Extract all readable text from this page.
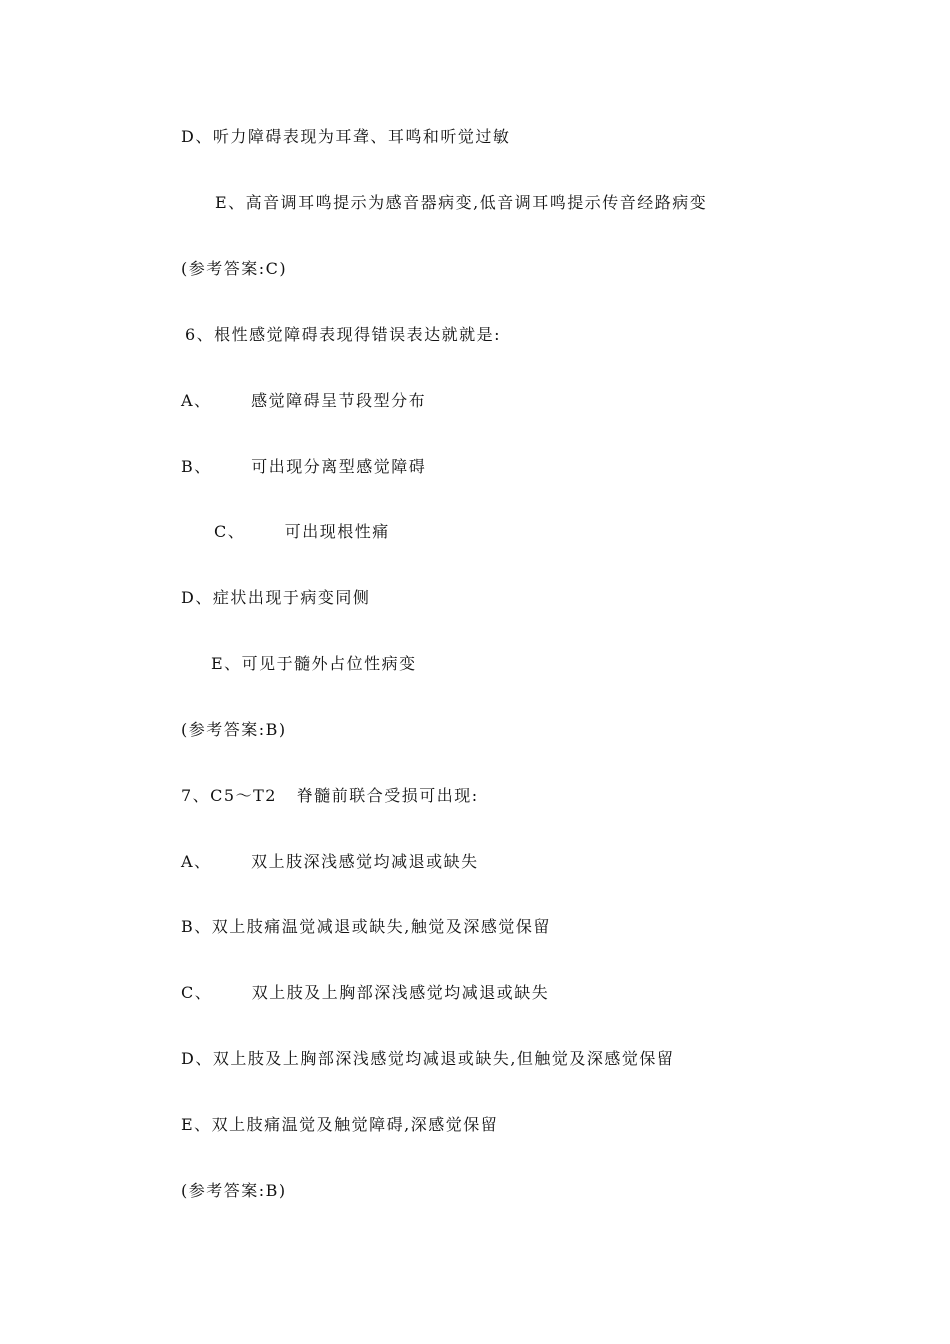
D、听力障碍表现为耳聋、耳鸣和听觉过敏
E、高音调耳鸣提示为感音器病变,低音调耳鸣提示传音经路病变
(参考答案:C)
6、根性感觉障碍表现得错误表达就就是:
A、      感觉障碍呈节段型分布
B、      可出现分离型感觉障碍
C、      可出现根性痛
D、症状出现于病变同侧
E、可见于髓外占位性病变
(参考答案:B)
7、C5～T2   脊髓前联合受损可出现:
A、      双上肢深浅感觉均减退或缺失
B、双上肢痛温觉减退或缺失,触觉及深感觉保留
C、      双上肢及上胸部深浅感觉均减退或缺失
D、双上肢及上胸部深浅感觉均减退或缺失,但触觉及深感觉保留
E、双上肢痛温觉及触觉障碍,深感觉保留
(参考答案:B)
